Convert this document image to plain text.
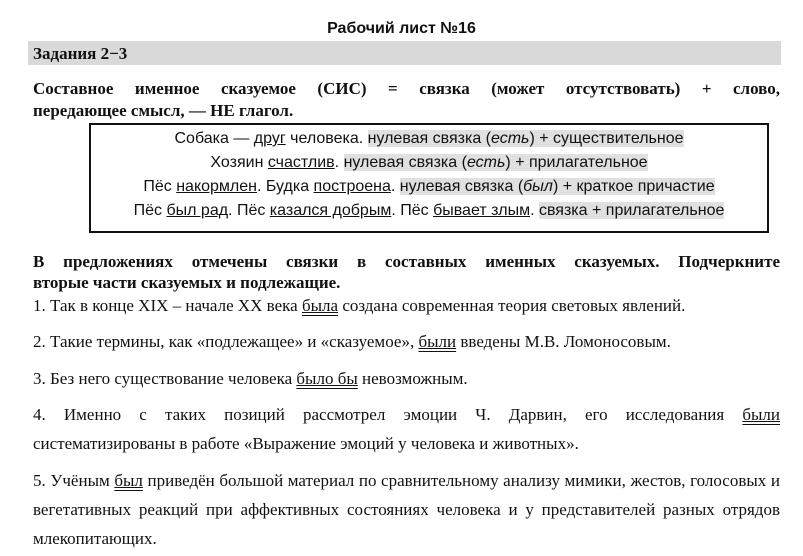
Рабочий лист №16
Задания 2−3
Составное именное сказуемое (СИС) = связка (может отсутствовать) + слово,
передающее смысл, — НЕ глагол.
Собака — друг человека. нулевая связка (есть) + существительное
Хозяин счастлив. нулевая связка (есть) + прилагательное
Пёс накормлен. Будка построена. нулевая связка (был) + краткое причастие
Пёс был рад. Пёс казался добрым. Пёс бывает злым. связка + прилагательное
В предложениях отмечены связки в составных именных сказуемых. Подчеркните
вторые части сказуемых и подлежащие.
1. Так в конце XIX – начале XX века была создана современная теория световых явлений.
2. Такие термины, как «подлежащее» и «сказуемое», были введены М.В. Ломоносовым.
3. Без него существование человека было бы невозможным.
4. Именно с таких позиций рассмотрел эмоции Ч. Дарвин, его исследования были
систематизированы в работе «Выражение эмоций у человека и животных».
5. Учёным был приведён большой материал по сравнительному анализу мимики, жестов, голосовых и вегетативных реакций при аффективных состояниях человека и у представителей разных отрядов млекопитающих.
